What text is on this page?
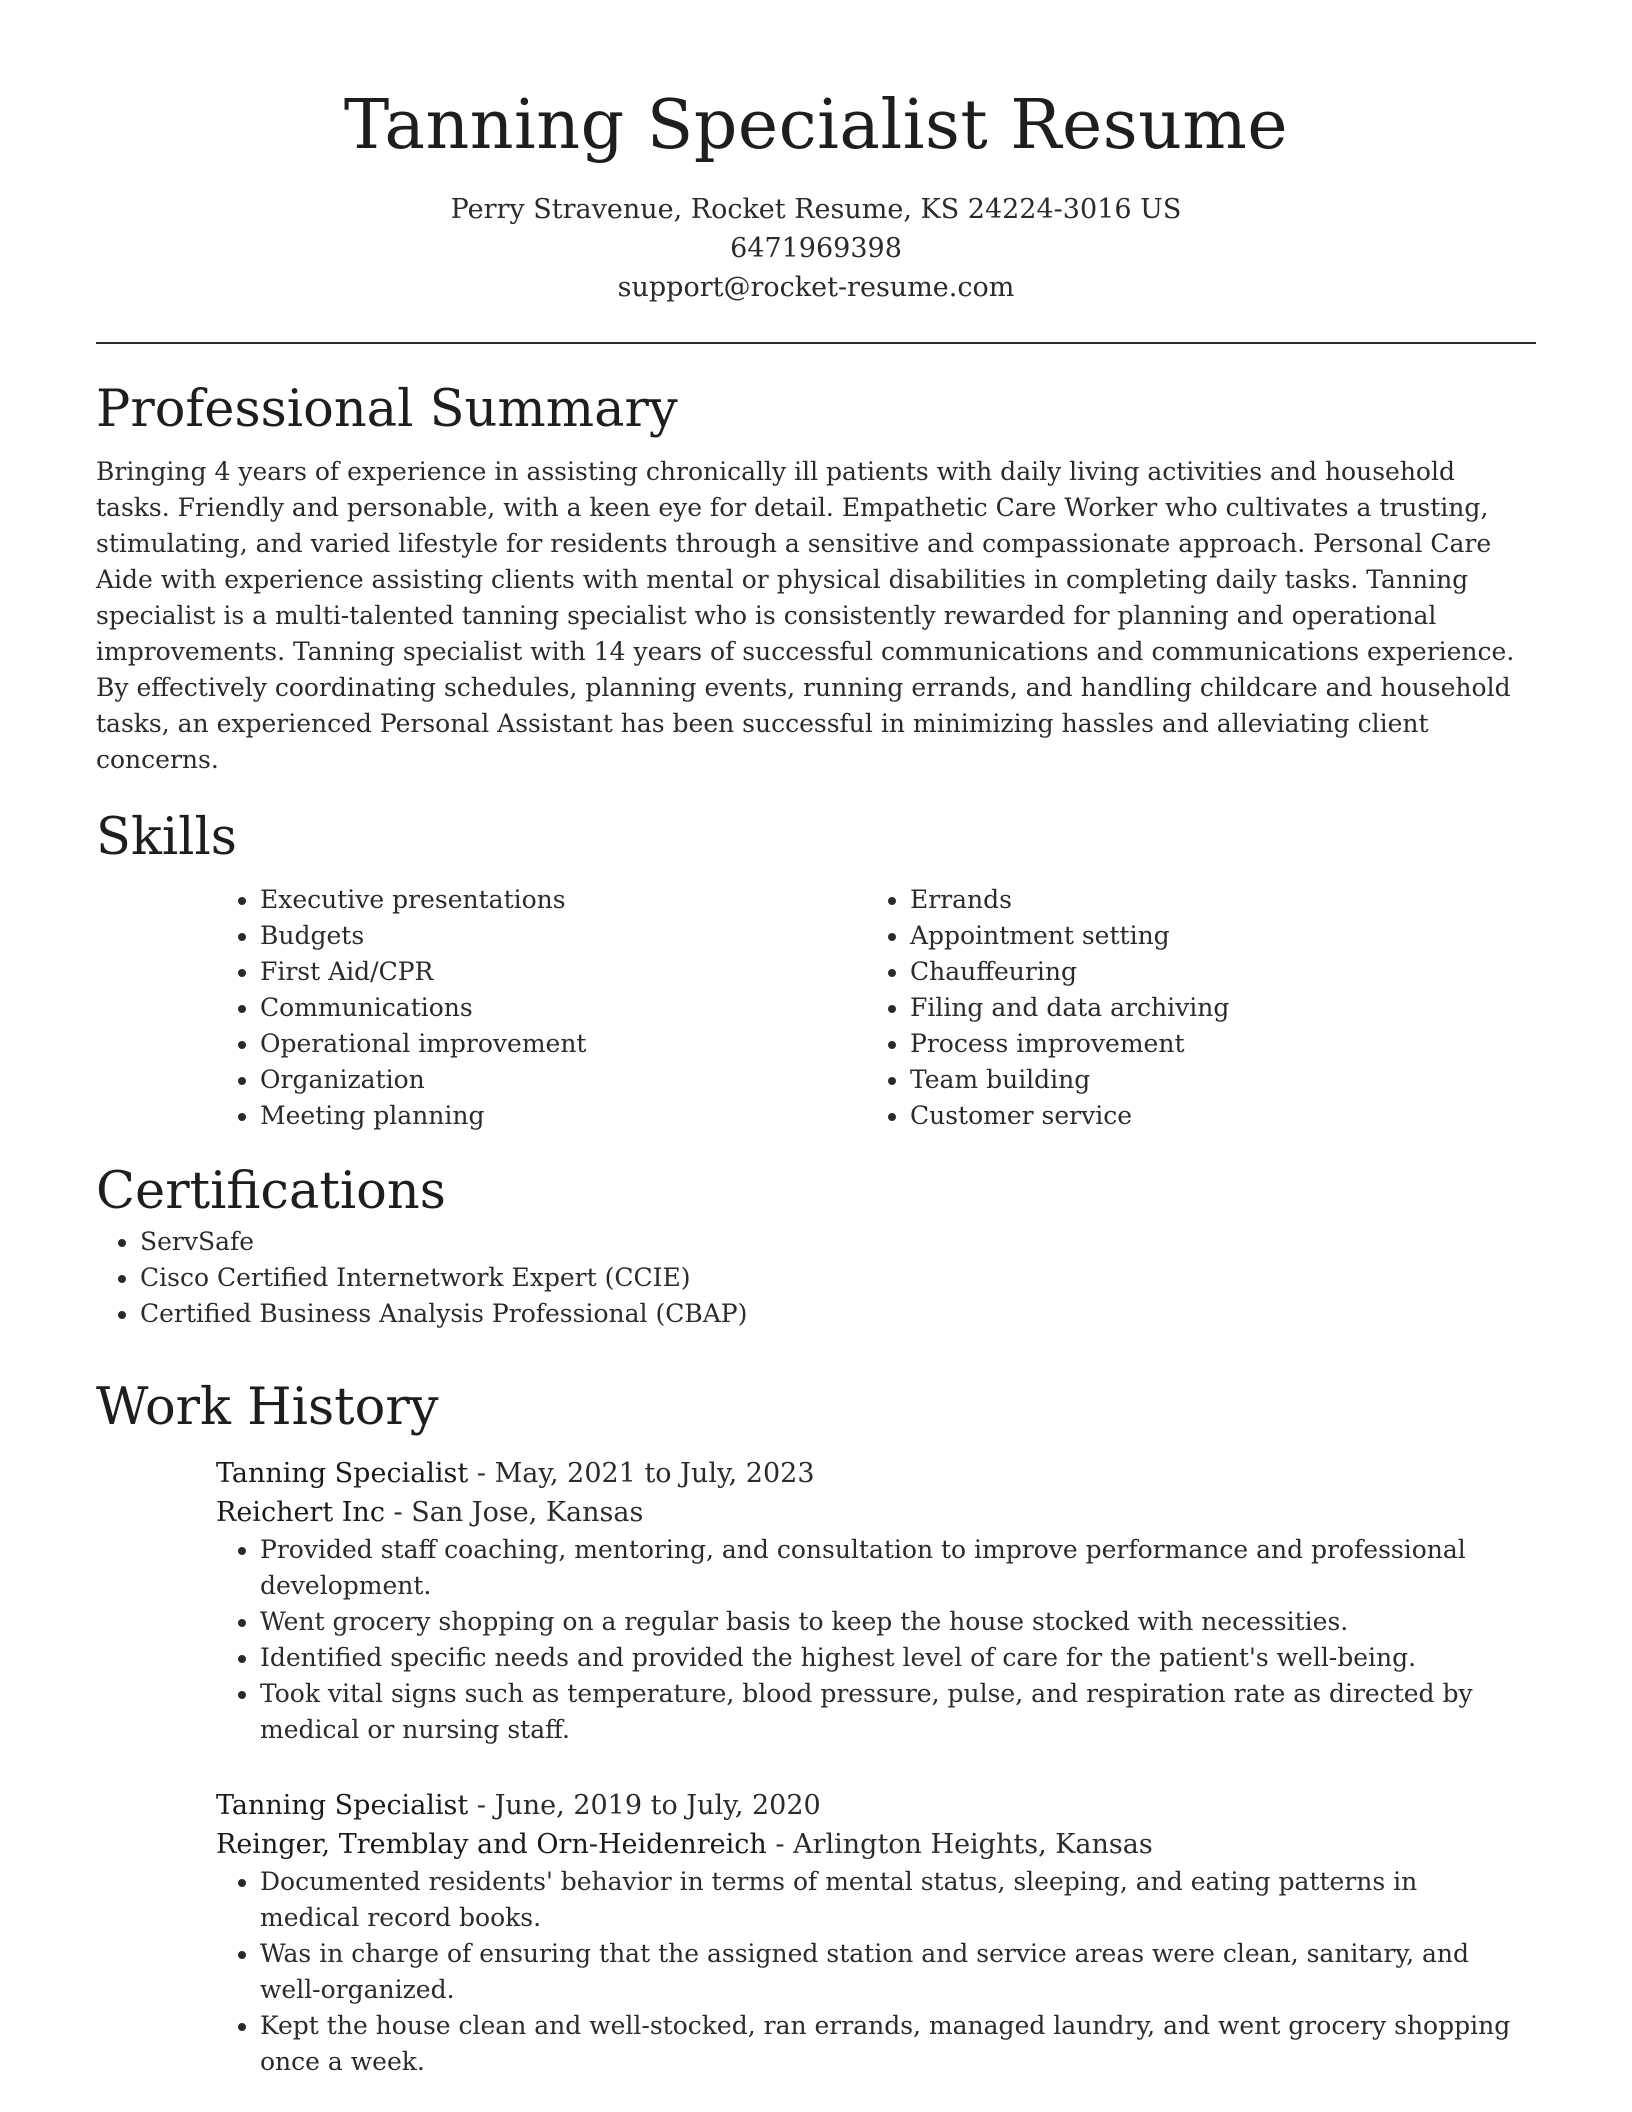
Tanning Specialist Resume
Perry Stravenue, Rocket Resume, KS 24224-3016 US
6471969398
support@rocket-resume.com
Professional Summary

Bringing 4 years of experience in assisting chronically ill patients with daily living activities and household tasks. Friendly and personable, with a keen eye for detail. Empathetic Care Worker who cultivates a trusting, stimulating, and varied lifestyle for residents through a sensitive and compassionate approach. Personal Care Aide with experience assisting clients with mental or physical disabilities in completing daily tasks. Tanning specialist is a multi-talented tanning specialist who is consistently rewarded for planning and operational improvements. Tanning specialist with 14 years of successful communications and communications experience. By effectively coordinating schedules, planning events, running errands, and handling childcare and household tasks, an experienced Personal Assistant has been successful in minimizing hassles and alleviating client concerns.

Skills
• Executive presentations
• Budgets
• First Aid/CPR
• Communications
• Operational improvement
• Organization
• Meeting planning
• Errands
• Appointment setting
• Chauffeuring
• Filing and data archiving
• Process improvement
• Team building
• Customer service
Certifications
• ServSafe
• Cisco Certified Internetwork Expert (CCIE)
• Certified Business Analysis Professional (CBAP)
Work History
Tanning Specialist - May, 2021 to July, 2023
Reichert Inc - San Jose, Kansas
• Provided staff coaching, mentoring, and consultation to improve performance and professional development.
• Went grocery shopping on a regular basis to keep the house stocked with necessities.
• Identified specific needs and provided the highest level of care for the patient's well-being.
• Took vital signs such as temperature, blood pressure, pulse, and respiration rate as directed by medical or nursing staff.
Tanning Specialist - June, 2019 to July, 2020
Reinger, Tremblay and Orn-Heidenreich - Arlington Heights, Kansas
• Documented residents' behavior in terms of mental status, sleeping, and eating patterns in medical record books.
• Was in charge of ensuring that the assigned station and service areas were clean, sanitary, and well-organized.
• Kept the house clean and well-stocked, ran errands, managed laundry, and went grocery shopping once a week.
